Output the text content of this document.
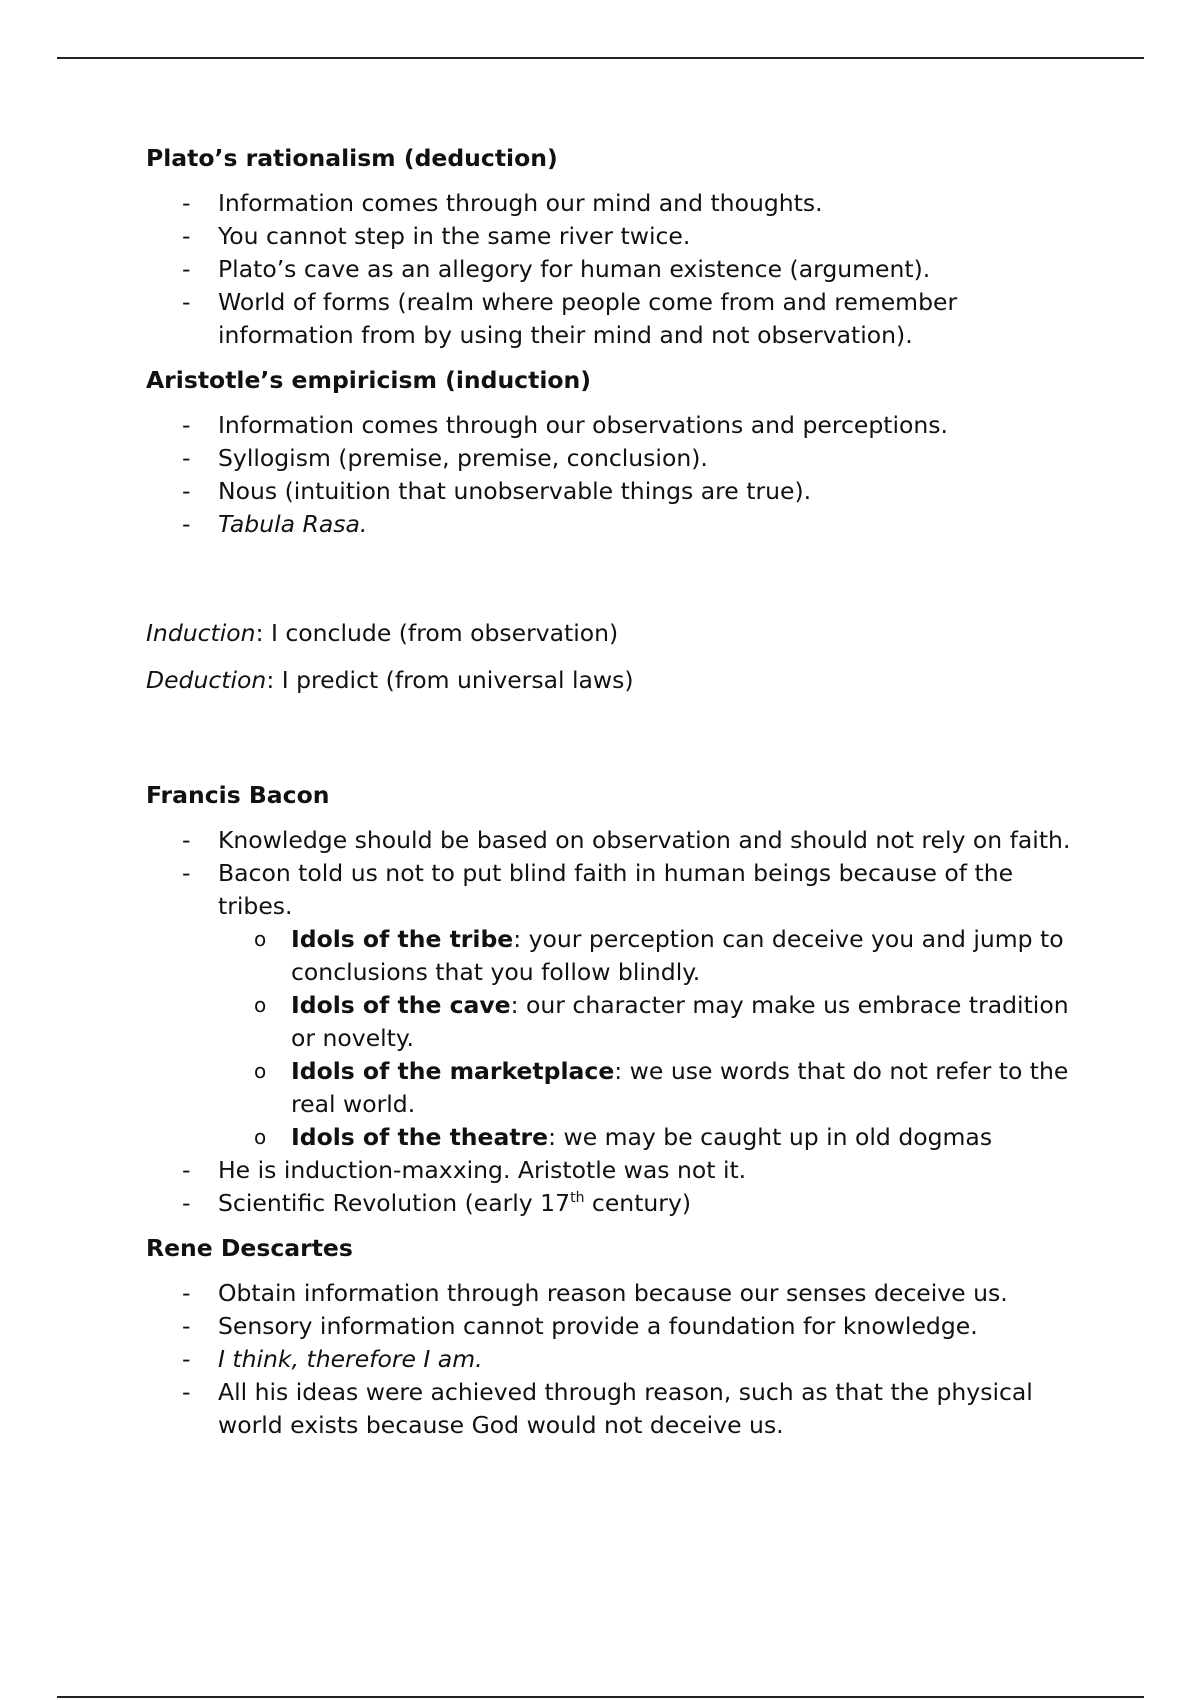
Plato’s rationalism (deduction)
- Information comes through our mind and thoughts.
- You cannot step in the same river twice.
- Plato’s cave as an allegory for human existence (argument).
- World of forms (realm where people come from and remember information from by using their mind and not observation).
Aristotle’s empiricism (induction)
- Information comes through our observations and perceptions.
- Syllogism (premise, premise, conclusion).
- Nous (intuition that unobservable things are true).
- Tabula Rasa.

Induction: I conclude (from observation)

Deduction: I predict (from universal laws)

Francis Bacon
- Knowledge should be based on observation and should not rely on faith.
- Bacon told us not to put blind faith in human beings because of the tribes.
o Idols of the tribe: your perception can deceive you and jump to conclusions that you follow blindly.
o Idols of the cave: our character may make us embrace tradition or novelty.
o Idols of the marketplace: we use words that do not refer to the real world.
o Idols of the theatre: we may be caught up in old dogmas
- He is induction-maxxing. Aristotle was not it.
- Scientific Revolution (early 17th century)
Rene Descartes
- Obtain information through reason because our senses deceive us.
- Sensory information cannot provide a foundation for knowledge.
- I think, therefore I am.
- All his ideas were achieved through reason, such as that the physical world exists because God would not deceive us.
